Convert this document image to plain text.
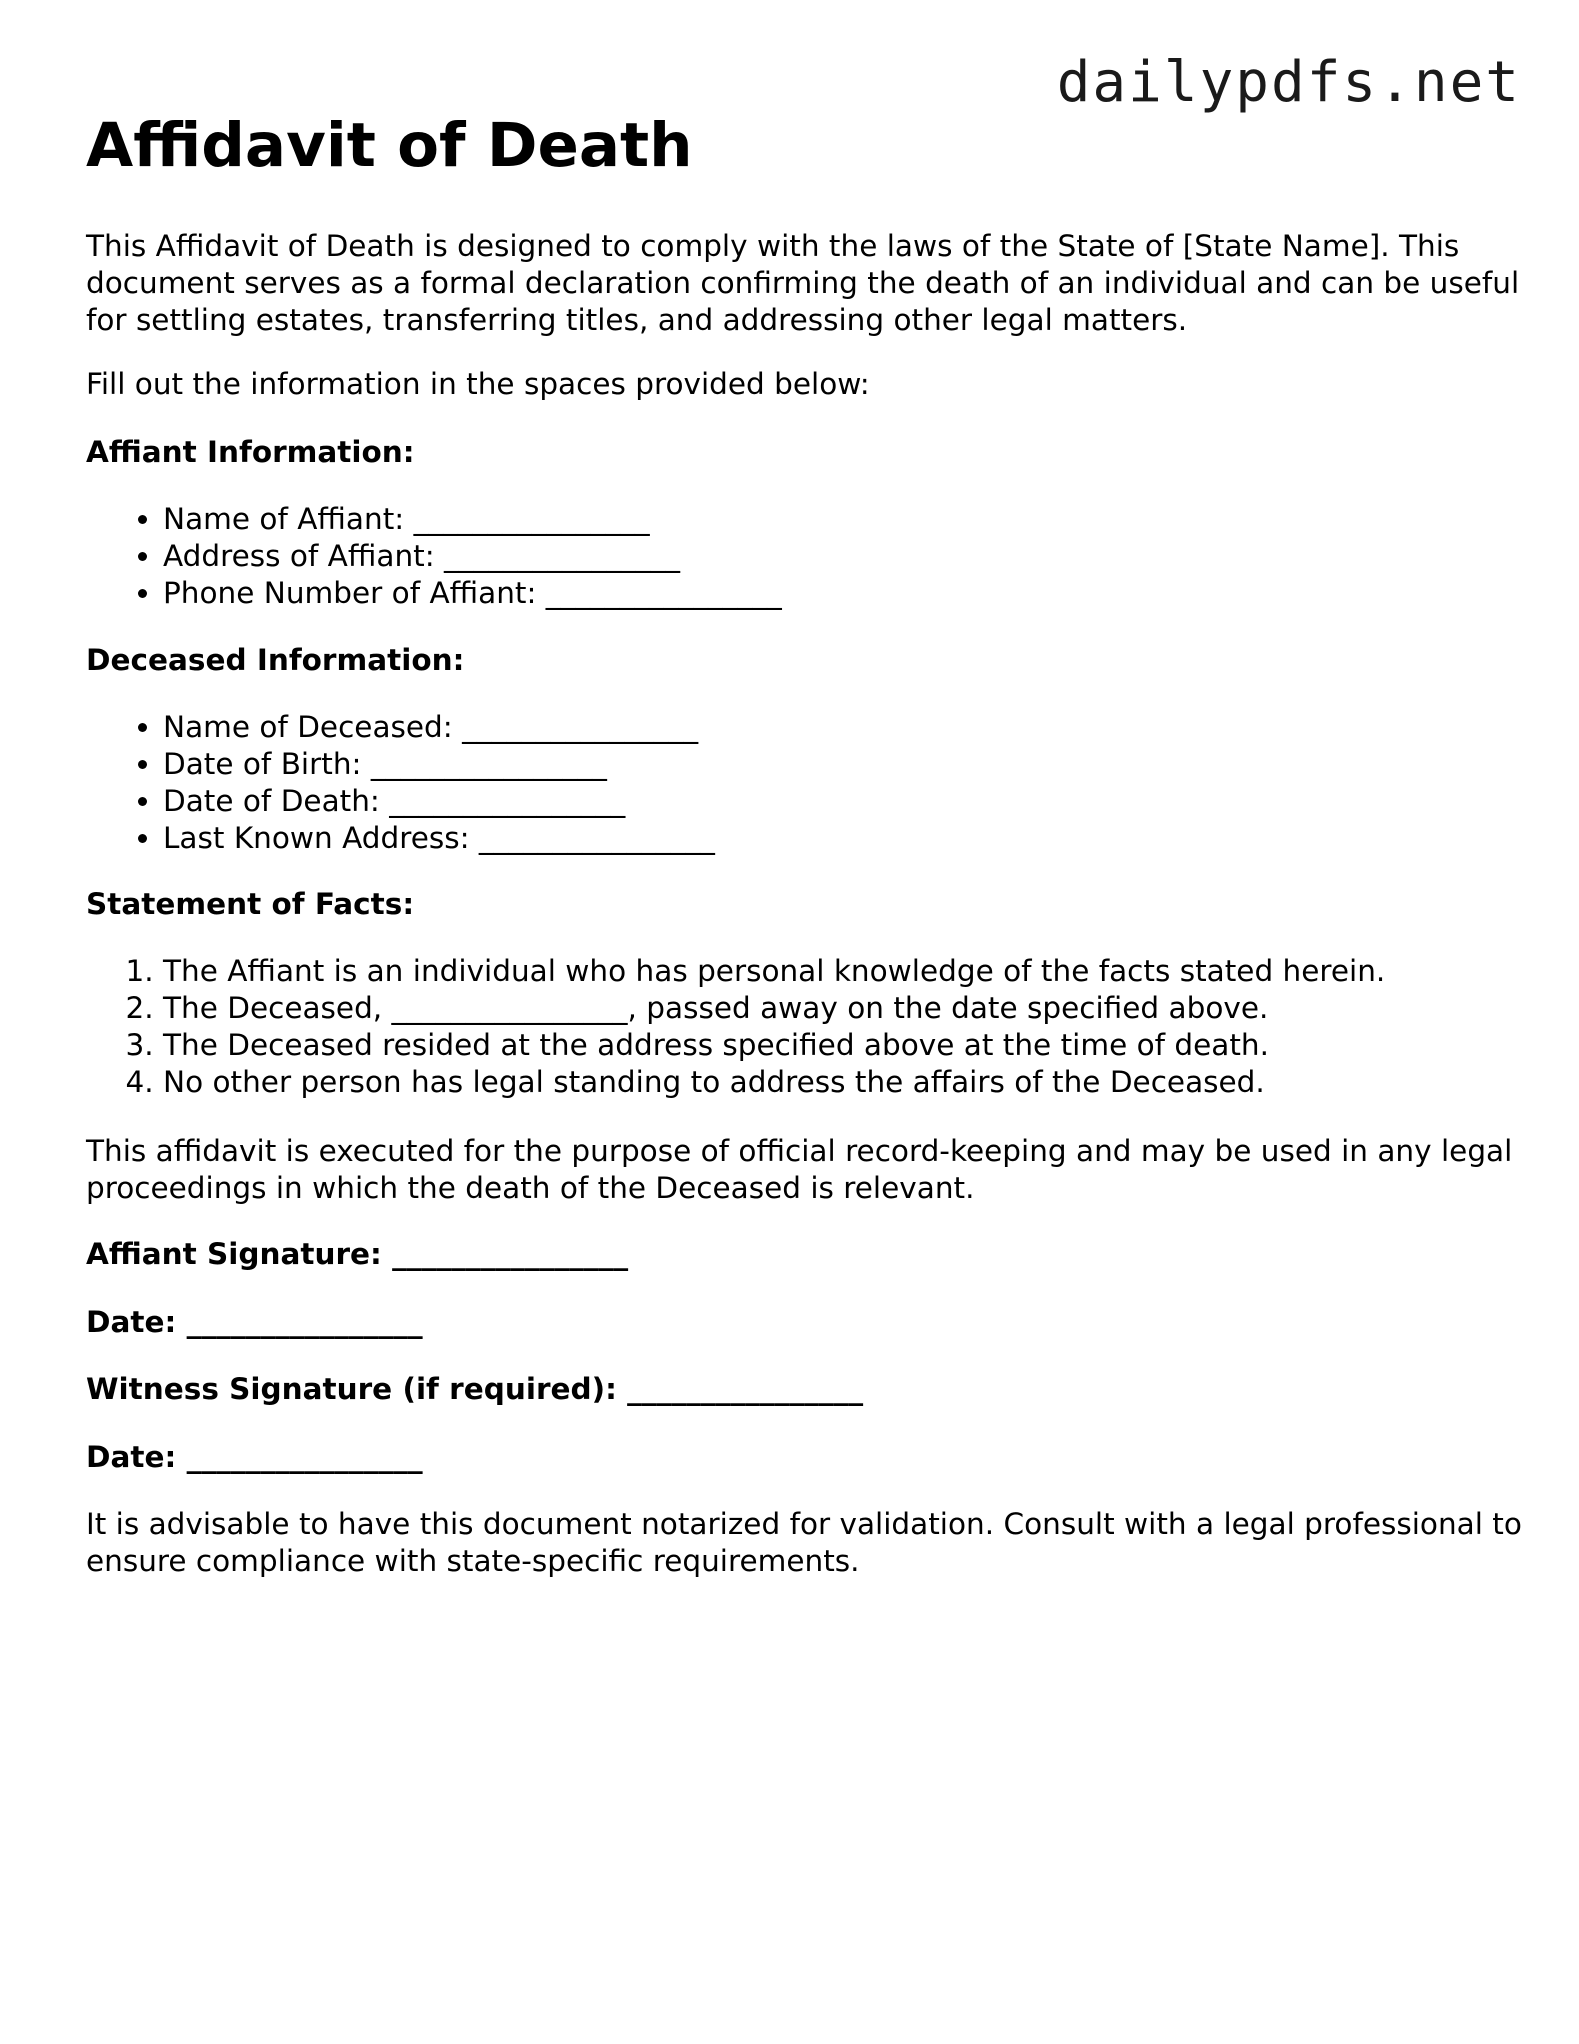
dailypdfs.net
Affidavit of Death

This Affidavit of Death is designed to comply with the laws of the State of [State Name]. This document serves as a formal declaration confirming the death of an individual and can be useful for settling estates, transferring titles, and addressing other legal matters.

Fill out the information in the spaces provided below:

Affiant Information:

• Name of Affiant: ________________
• Address of Affiant: ________________
• Phone Number of Affiant: ________________

Deceased Information:

• Name of Deceased: ________________
• Date of Birth: ________________
• Date of Death: ________________
• Last Known Address: ________________

Statement of Facts:

1. The Affiant is an individual who has personal knowledge of the facts stated herein.
2. The Deceased, ________________, passed away on the date specified above.
3. The Deceased resided at the address specified above at the time of death.
4. No other person has legal standing to address the affairs of the Deceased.

This affidavit is executed for the purpose of official record-keeping and may be used in any legal proceedings in which the death of the Deceased is relevant.

Affiant Signature: ________________

Date: ________________

Witness Signature (if required): ________________

Date: ________________

It is advisable to have this document notarized for validation. Consult with a legal professional to ensure compliance with state-specific requirements.
